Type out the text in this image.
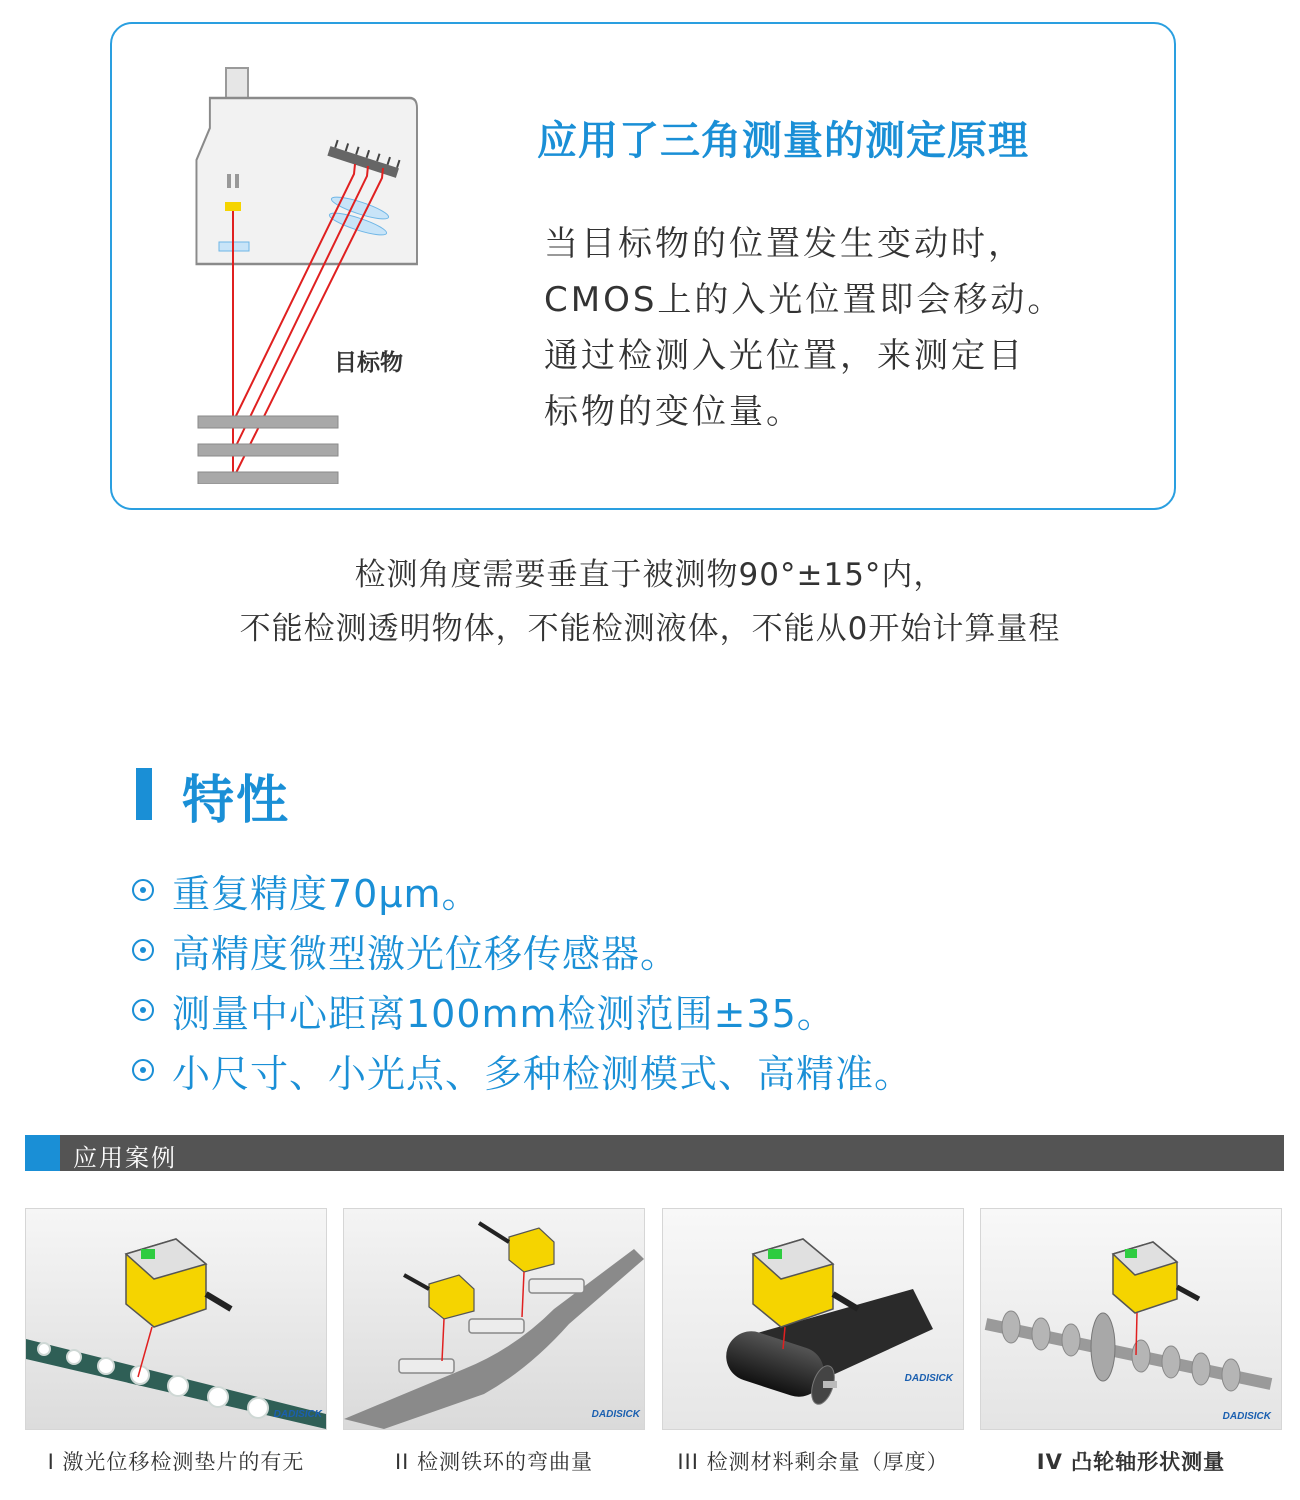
目标物
应用了三角测量的测定原理
当目标物的位置发生变动时，
CMOS上的入光位置即会移动。
通过检测入光位置，来测定目
标物的变位量。
检测角度需要垂直于被测物90°±15°内，
不能检测透明物体，不能检测液体，不能从0开始计算量程
特性
重复精度70μm。
高精度微型激光位移传感器。
测量中心距离100mm检测范围±35。
小尺寸、小光点、多种检测模式、高精准。
应用案例
DADISICK
I 激光位移检测垫片的有无
DADISICK
II 检测铁环的弯曲量
DADISICK
III 检测材料剩余量（厚度）
DADISICK
IV 凸轮轴形状测量
